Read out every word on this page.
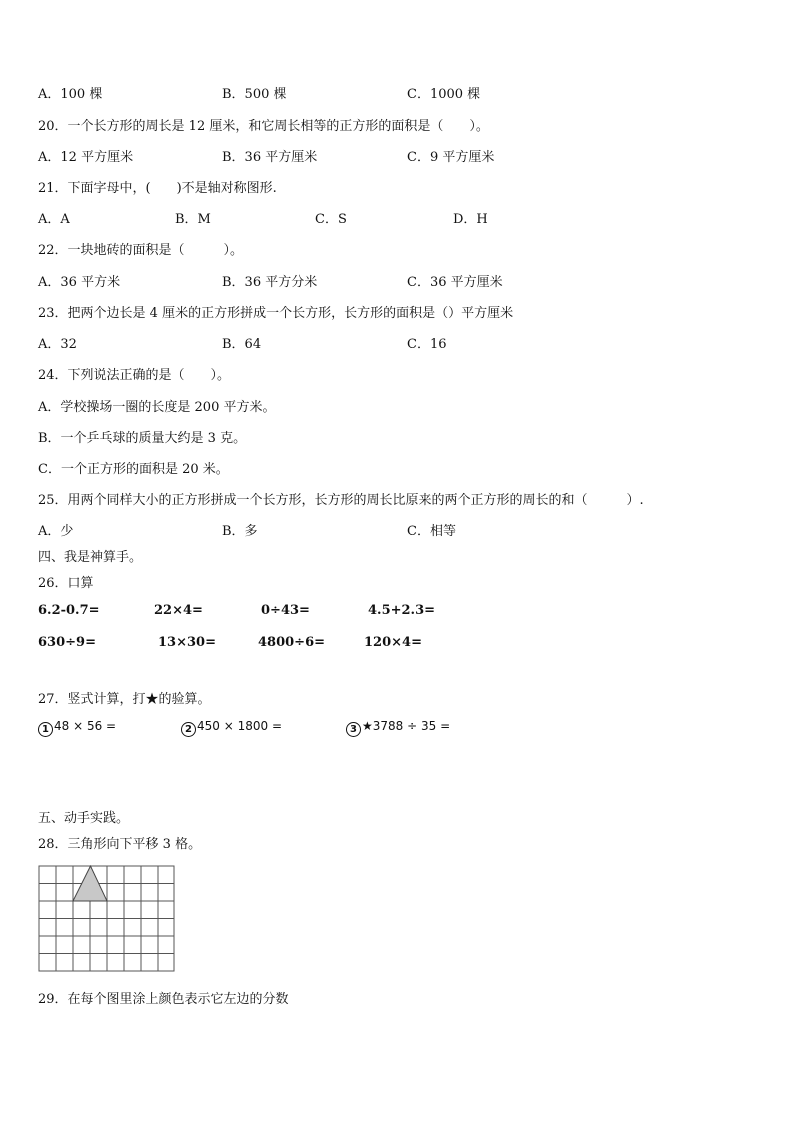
A．100 棵	B．500 棵	C．1000 棵
20．一个长方形的周长是 12 厘米，和它周长相等的正方形的面积是（　　）。
A．12 平方厘米	B．36 平方厘米	C．9 平方厘米
21．下面字母中，(　　)不是轴对称图形.
A．A	B．M	C．S	D．H
22．一块地砖的面积是（　　　）。
A．36 平方米	B．36 平方分米	C．36 平方厘米
23．把两个边长是 4 厘米的正方形拼成一个长方形，长方形的面积是（）平方厘米
A．32	B．64	C．16
24．下列说法正确的是（　　）。
A．学校操场一圈的长度是 200 平方米。
B．一个乒乓球的质量大约是 3 克。
C．一个正方形的面积是 20 米。
25．用两个同样大小的正方形拼成一个长方形，长方形的周长比原来的两个正方形的周长的和（　　　）.
A．少	B．多	C．相等
四、我是神算手。
26．口算
6.2-0.7=	22×4=	0÷43=	4.5+2.3=
630÷9=	13×30=	4800÷6=	120×4=
27．竖式计算，打★的验算。
1 48 × 56 =	2 450 × 1800 =	3 ★3788 ÷ 35 =
五、动手实践。
28．三角形向下平移 3 格。
29．在每个图里涂上颜色表示它左边的分数
